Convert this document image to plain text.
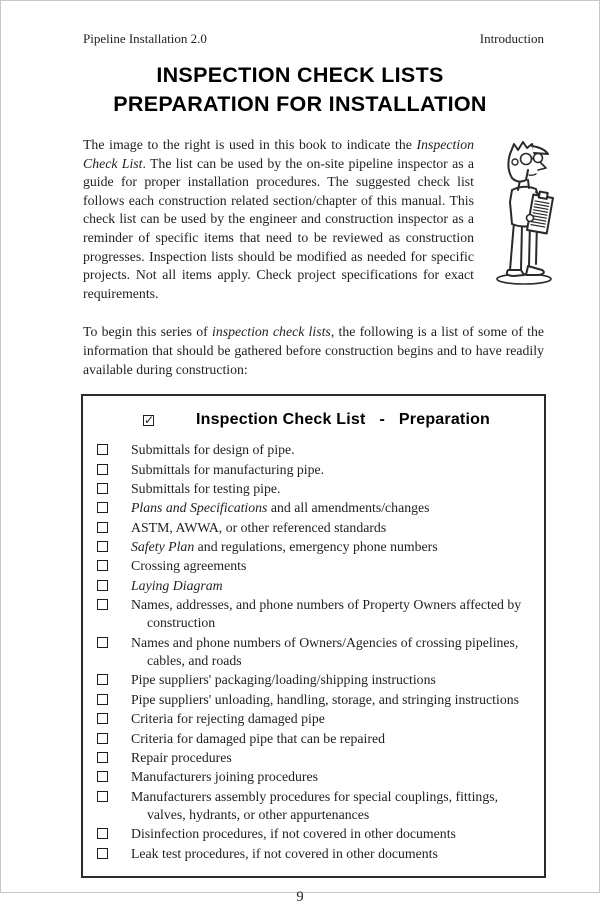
Pipeline Installation 2.0	Introduction
INSPECTION CHECK LISTS
PREPARATION FOR INSTALLATION

The image to the right is used in this book to indicate the Inspection Check List. The list can be used by the on-site pipeline inspector as a guide for proper installation procedures. The suggested check list follows each construction related section/chapter of this manual. This check list can be used by the engineer and construction inspector as a reminder of specific items that need to be reviewed as construction progresses. Inspection lists should be modified as needed for specific projects. Not all items apply. Check project specifications for exact requirements.

To begin this series of inspection check lists, the following is a list of some of the information that should be gathered before construction begins and to have readily available during construction:

✓
Inspection Check List   -   Preparation
Submittals for design of pipe.
Submittals for manufacturing pipe.
Submittals for testing pipe.
Plans and Specifications and all amendments/changes
ASTM, AWWA, or other referenced standards
Safety Plan and regulations, emergency phone numbers
Crossing agreements
Laying Diagram
Names, addresses, and phone numbers of Property Owners affected by construction
Names and phone numbers of Owners/Agencies of crossing pipelines, cables, and roads
Pipe suppliers' packaging/loading/shipping instructions
Pipe suppliers' unloading, handling, storage, and stringing instructions
Criteria for rejecting damaged pipe
Criteria for damaged pipe that can be repaired
Repair procedures
Manufacturers joining procedures
Manufacturers assembly procedures for special couplings, fittings, valves, hydrants, or other appurtenances
Disinfection procedures, if not covered in other documents
Leak test procedures, if not covered in other documents
9
